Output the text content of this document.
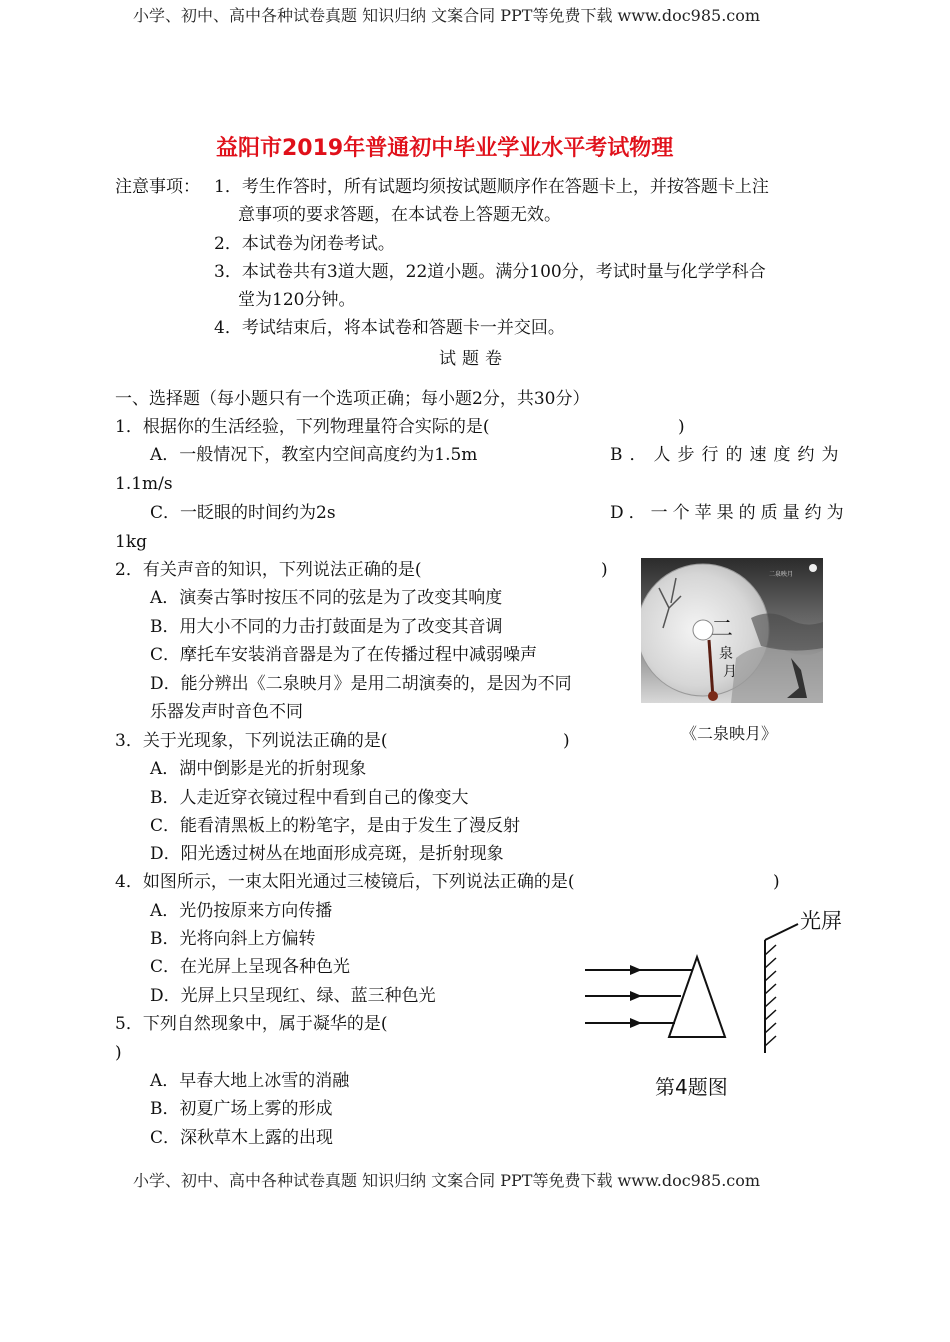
小学、初中、高中各种试卷真题 知识归纳 文案合同 PPT等免费下载 www.doc985.com
益阳市2019年普通初中毕业学业水平考试物理
注意事项： 1．考生作答时，所有试题均须按试题顺序作在答题卡上，并按答题卡上注
意事项的要求答题，在本试卷上答题无效。
2．本试卷为闭卷考试。
3．本试卷共有3道大题，22道小题。满分100分，考试时量与化学学科合
堂为120分钟。
4．考试结束后，将本试卷和答题卡一并交回。
试题卷
一、选择题（每小题只有一个选项正确；每小题2分，共30分）
1．根据你的生活经验，下列物理量符合实际的是(	)
A．一般情况下，教室内空间高度约为1.5m	B．人步行的速度约为
1.1m/s
C．一眨眼的时间约为2s	D．一个苹果的质量约为
1kg
2．有关声音的知识，下列说法正确的是(	)
A．演奏古筝时按压不同的弦是为了改变其响度
B．用大小不同的力击打鼓面是为了改变其音调
C．摩托车安装消音器是为了在传播过程中减弱噪声
D．能分辨出《二泉映月》是用二胡演奏的，是因为不同
乐器发声时音色不同
二
泉
月
二泉映月
《二泉映月》
3．关于光现象，下列说法正确的是(	)
A．湖中倒影是光的折射现象
B．人走近穿衣镜过程中看到自己的像变大
C．能看清黑板上的粉笔字，是由于发生了漫反射
D．阳光透过树丛在地面形成亮斑，是折射现象
4．如图所示，一束太阳光通过三棱镜后，下列说法正确的是(	)
A．光仍按原来方向传播
B．光将向斜上方偏转
C．在光屏上呈现各种色光
D．光屏上只呈现红、绿、蓝三种色光
光屏
第4题图
5．下列自然现象中，属于凝华的是(
)
A．早春大地上冰雪的消融
B．初夏广场上雾的形成
C．深秋草木上露的出现
小学、初中、高中各种试卷真题 知识归纳 文案合同 PPT等免费下载 www.doc985.com
